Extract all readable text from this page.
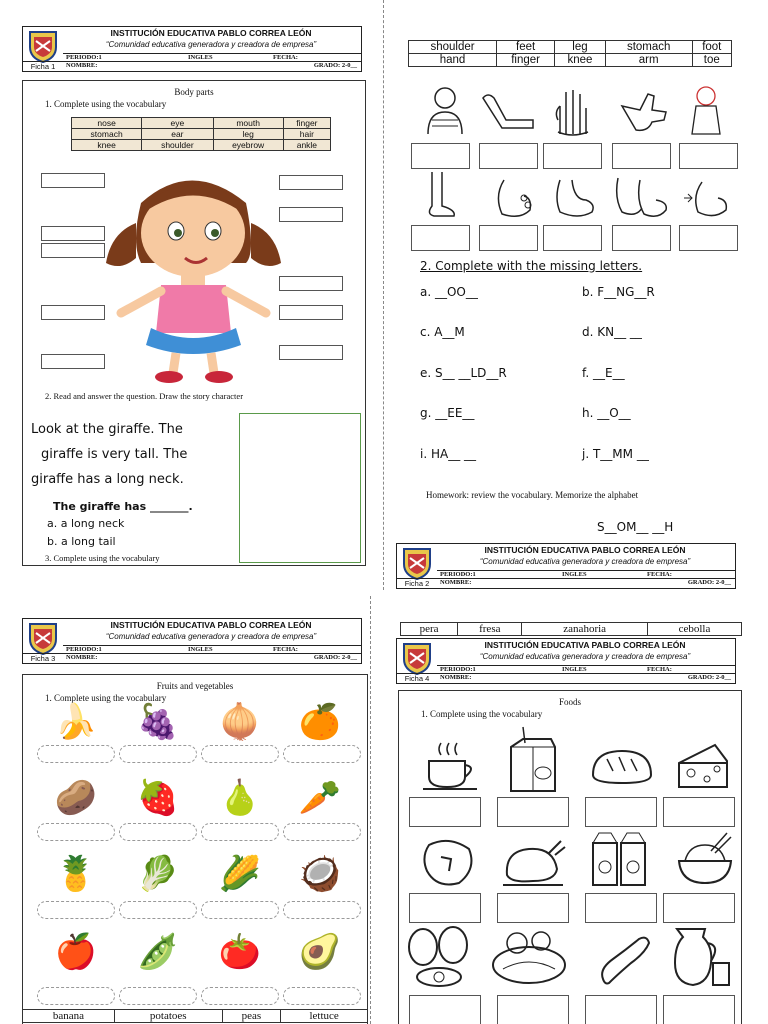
INSTITUCIÓN EDUCATIVA PABLO CORREA LEÓN
“Comunidad educativa generadora y creadora de empresa”
PERIODO:1	INGLES	FECHA:
NOMBRE:	GRADO: 2-0__
Ficha 1
Body parts
1. Complete using the vocabulary
nose	eye	mouth	finger
stomach	ear	leg	hair
knee	shoulder	eyebrow	ankle
2. Read and answer the question. Draw the story character
Look at the giraffe. The
giraffe is very tall. The
giraffe has a long neck.
The giraffe has _______.
a. a long neck
b. a long tail
3. Complete using the vocabulary
shoulder	feet	leg	stomach	foot
hand	finger	knee	arm	toe
2. Complete with the missing letters.
a. __OO__	b. F__NG__R
c. A__M	d. KN__ __
e. S__ __LD__R	f. __E__
g. __EE__	h. __O__
i. HA__ __	j. T__MM __
Homework: review the vocabulary. Memorize the alphabet
S__OM__ __H
INSTITUCIÓN EDUCATIVA PABLO CORREA LEÓN
“Comunidad educativa generadora y creadora de empresa”
PERIODO:1	INGLES	FECHA:
NOMBRE:	GRADO: 2-0__
Ficha 2
INSTITUCIÓN EDUCATIVA PABLO CORREA LEÓN
“Comunidad educativa generadora y creadora de empresa”
PERIODO:1	INGLES	FECHA:
NOMBRE:	GRADO: 2-0__
Ficha 3
Fruits and vegetables
1. Complete using the vocabulary
🍌	🍇	🧅	🍊
🥔	🍓	🍐	🥕
🍍	🥬	🌽	🥥
🍎	🫛	🍅	🥑
banana	potatoes	peas	lettuce
pera	fresa	zanahoria	cebolla
INSTITUCIÓN EDUCATIVA PABLO CORREA LEÓN
“Comunidad educativa generadora y creadora de empresa”
PERIODO:1	INGLES	FECHA:
NOMBRE:	GRADO: 2-0__
Ficha 4
Foods
1. Complete using the vocabulary
